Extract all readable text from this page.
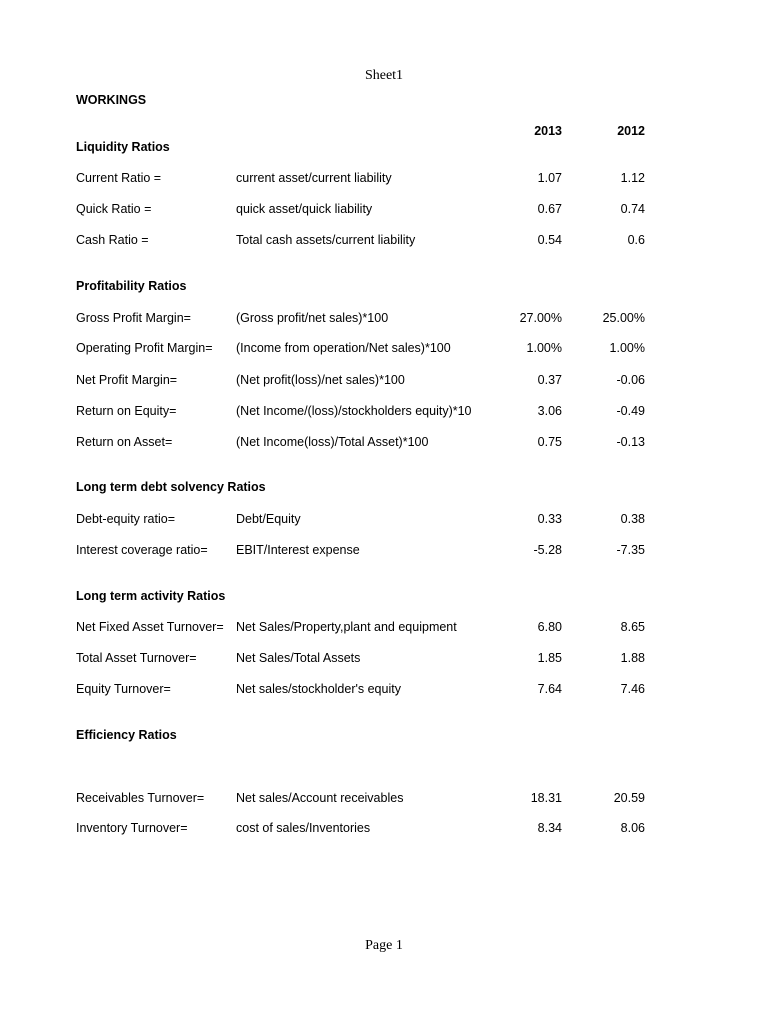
Sheet1
WORKINGS
2013	2012
Liquidity Ratios
Current Ratio =	current asset/current liability	1.07	1.12
Quick Ratio =	quick asset/quick liability	0.67	0.74
Cash Ratio =	Total cash assets/current liability	0.54	0.6
Profitability Ratios
Gross Profit Margin=	(Gross profit/net sales)*100	27.00%	25.00%
Operating Profit Margin= (Income from operation/Net sales)*100	1.00%	1.00%
Net Profit Margin=	(Net profit(loss)/net sales)*100	0.37	-0.06
Return on Equity=	(Net Income/(loss)/stockholders equity)*10	3.06	-0.49
Return on Asset=	(Net Income(loss)/Total Asset)*100	0.75	-0.13
Long term debt solvency Ratios
Debt-equity ratio=	Debt/Equity	0.33	0.38
Interest coverage ratio= EBIT/Interest expense	-5.28	-7.35
Long term activity Ratios
Net Fixed Asset Turnover= Net Sales/Property,plant and equipment	6.80	8.65
Total Asset Turnover=	Net Sales/Total Assets	1.85	1.88
Equity Turnover=	Net sales/stockholder's equity	7.64	7.46
Efficiency Ratios
Receivables Turnover=	Net sales/Account receivables	18.31	20.59
Inventory Turnover=	cost of sales/Inventories	8.34	8.06
Page 1
